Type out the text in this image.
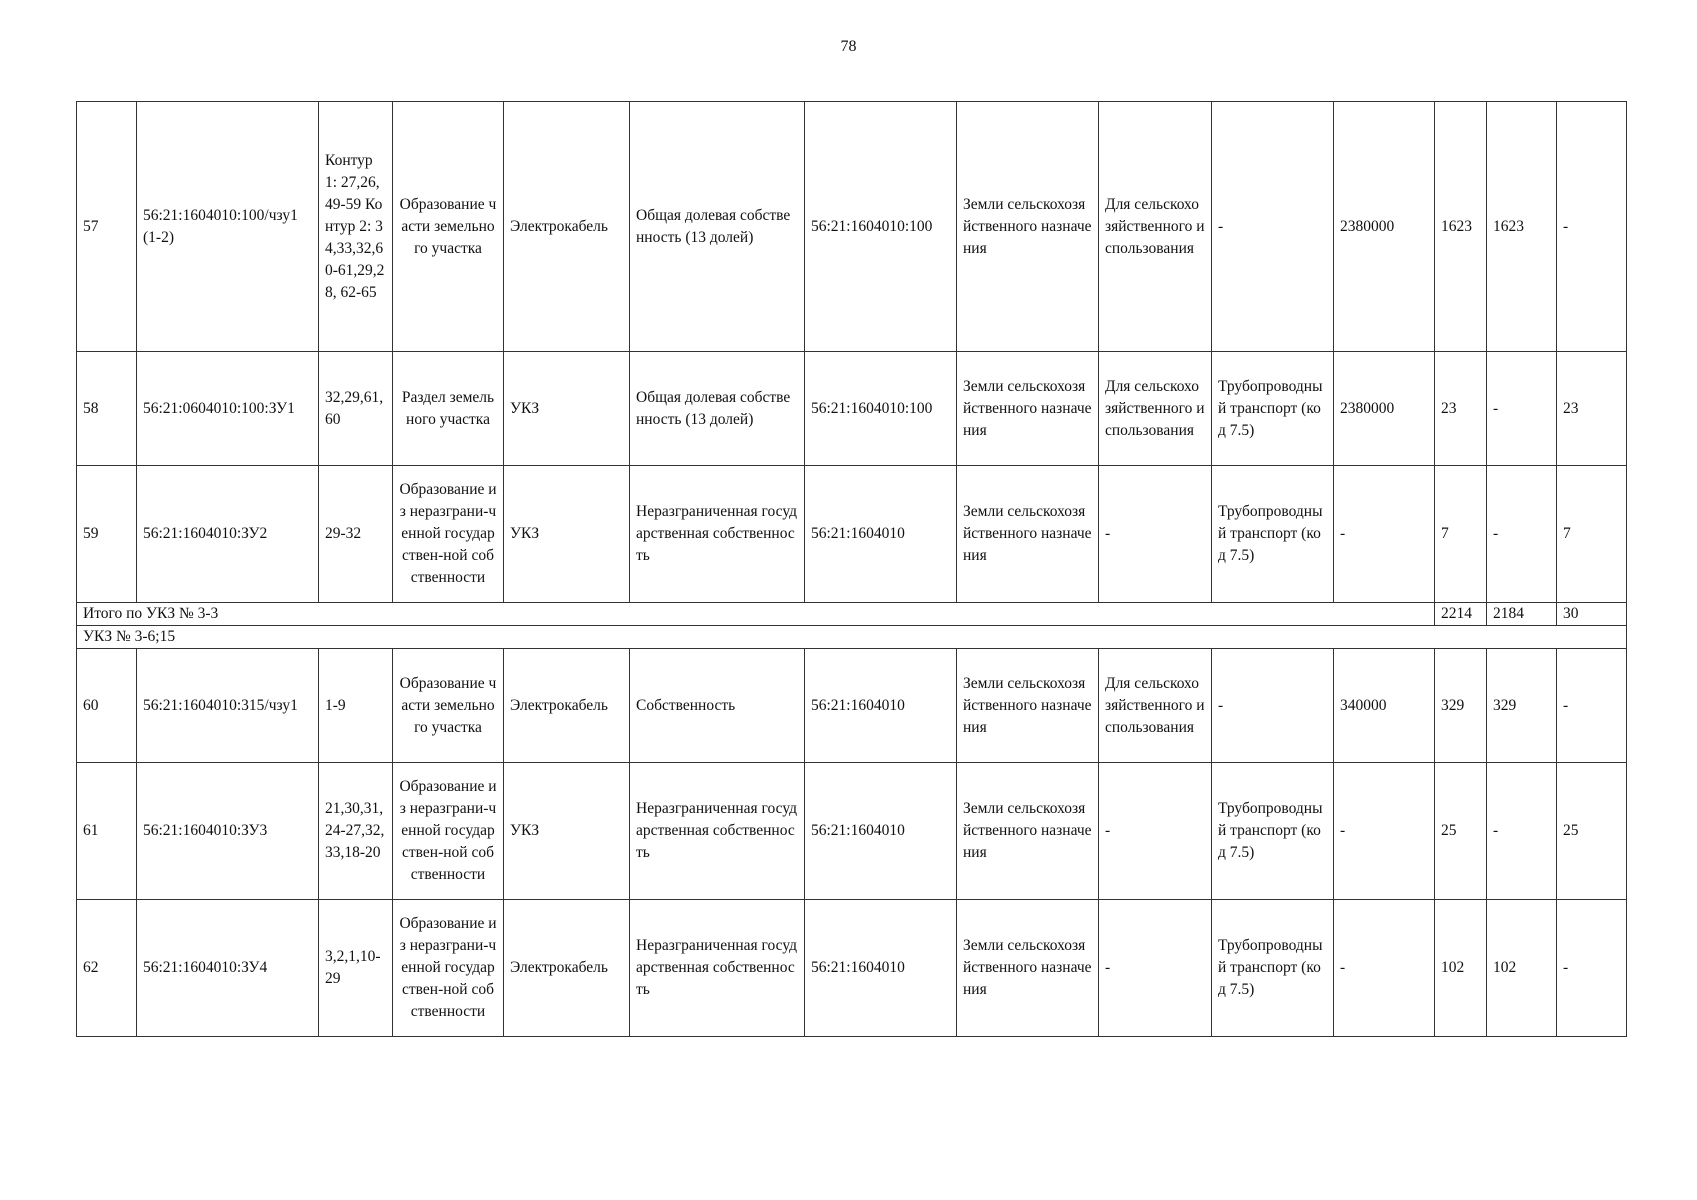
78
57	56:21:1604010:100/чзу1 (1-2)	Контур 1: 27,26,49-59 Контур 2: 34,33,32,60-61,29,28, 62-65	Образование части земельного участка	Электрокабель	Общая долевая собственность (13 долей)	56:21:1604010:100	Земли сельскохозяйственного назначения	Для сельскохозяйственного использования	-	2380000	1623	1623	-
58	56:21:0604010:100:ЗУ1	32,29,61, 60	Раздел земельного участка	УКЗ	Общая долевая собственность (13 долей)	56:21:1604010:100	Земли сельскохозяйственного назначения	Для сельскохозяйственного использования	Трубопроводный транспорт (код 7.5)	2380000	23	-	23
59	56:21:1604010:ЗУ2	29-32	Образование из неразграни-ченной государствен-ной собственности	УКЗ	Неразграниченная государственная собственность	56:21:1604010	Земли сельскохозяйственного назначения	-	Трубопроводный транспорт (код 7.5)	-	7	-	7
Итого по УКЗ № 3-3											2214	2184	30
УКЗ № 3-6;15													
60	56:21:1604010:315/чзу1	1-9	Образование части земельного участка	Электрокабель	Собственность	56:21:1604010	Земли сельскохозяйственного назначения	Для сельскохозяйственного использования	-	340000	329	329	-
61	56:21:1604010:ЗУ3	21,30,31,24-27,32,33,18-20	Образование из неразграни-ченной государствен-ной собственности	УКЗ	Неразграниченная государственная собственность	56:21:1604010	Земли сельскохозяйственного назначения	-	Трубопроводный транспорт (код 7.5)	-	25	-	25
62	56:21:1604010:ЗУ4	3,2,1,10-29	Образование из неразграни-ченной государствен-ной собственности	Электрокабель	Неразграниченная государственная собственность	56:21:1604010	Земли сельскохозяйственного назначения	-	Трубопроводный транспорт (код 7.5)	-	102	102	-
